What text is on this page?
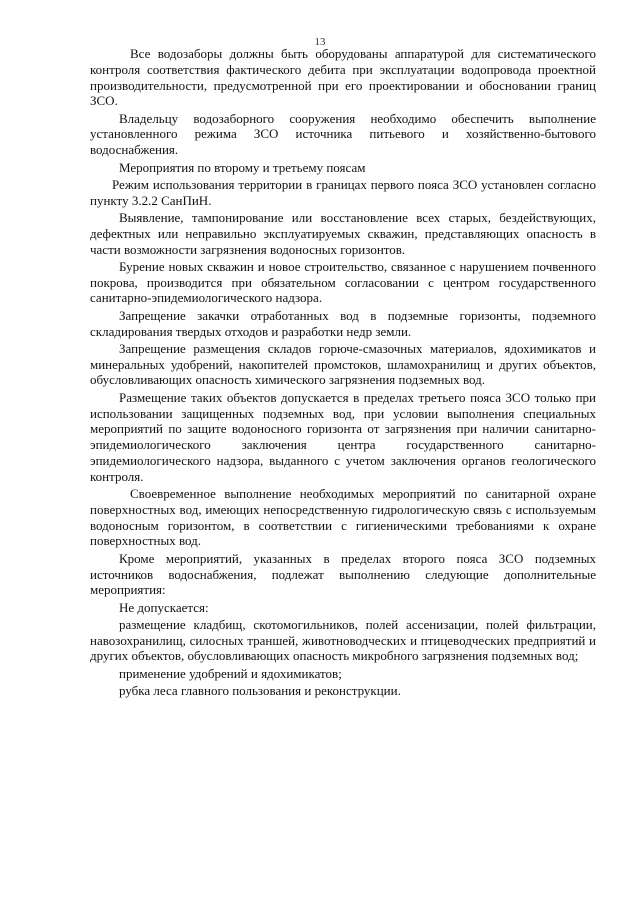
13

Все водозаборы должны быть оборудованы аппаратурой для систематического контроля соответствия фактического дебита при эксплуатации водопровода проектной производительности, предусмотренной при его проектировании и обосновании границ ЗСО.

Владельцу водозаборного сооружения необходимо обеспечить выполнение установленного режима ЗСО источника питьевого и хозяйственно-бытового водоснабжения.

Мероприятия по второму и третьему поясам

Режим использования территории в границах первого пояса ЗСО установлен согласно пункту 3.2.2 СанПиН.

Выявление, тампонирование или восстановление всех старых, бездействующих, дефектных или неправильно эксплуатируемых скважин, представляющих опасность в части возможности загрязнения водоносных горизонтов.

Бурение новых скважин и новое строительство, связанное с нарушением почвенного покрова, производится при обязательном согласовании с центром государственного санитарно-эпидемиологического надзора.

Запрещение закачки отработанных вод в подземные горизонты, подземного складирования твердых отходов и разработки недр земли.

Запрещение размещения складов горюче-смазочных материалов, ядохимикатов и минеральных удобрений, накопителей промстоков, шламохранилищ и других объектов, обусловливающих опасность химического загрязнения подземных вод.

Размещение таких объектов допускается в пределах третьего пояса ЗСО только при использовании защищенных подземных вод, при условии выполнения специальных мероприятий по защите водоносного горизонта от загрязнения при наличии санитарно-эпидемиологического заключения центра государственного санитарно-эпидемиологического надзора, выданного с учетом заключения органов геологического контроля.

Своевременное выполнение необходимых мероприятий по санитарной охране поверхностных вод, имеющих непосредственную гидрологическую связь с используемым водоносным горизонтом, в соответствии с гигиеническими требованиями к охране поверхностных вод.

Кроме мероприятий, указанных в пределах второго пояса ЗСО подземных источников водоснабжения, подлежат выполнению следующие дополнительные мероприятия:

Не допускается:

размещение кладбищ, скотомогильников, полей ассенизации, полей фильтрации, навозохранилищ, силосных траншей, животноводческих и птицеводческих предприятий и других объектов, обусловливающих опасность микробного загрязнения подземных вод;

применение удобрений и ядохимикатов;

рубка леса главного пользования и реконструкции.
